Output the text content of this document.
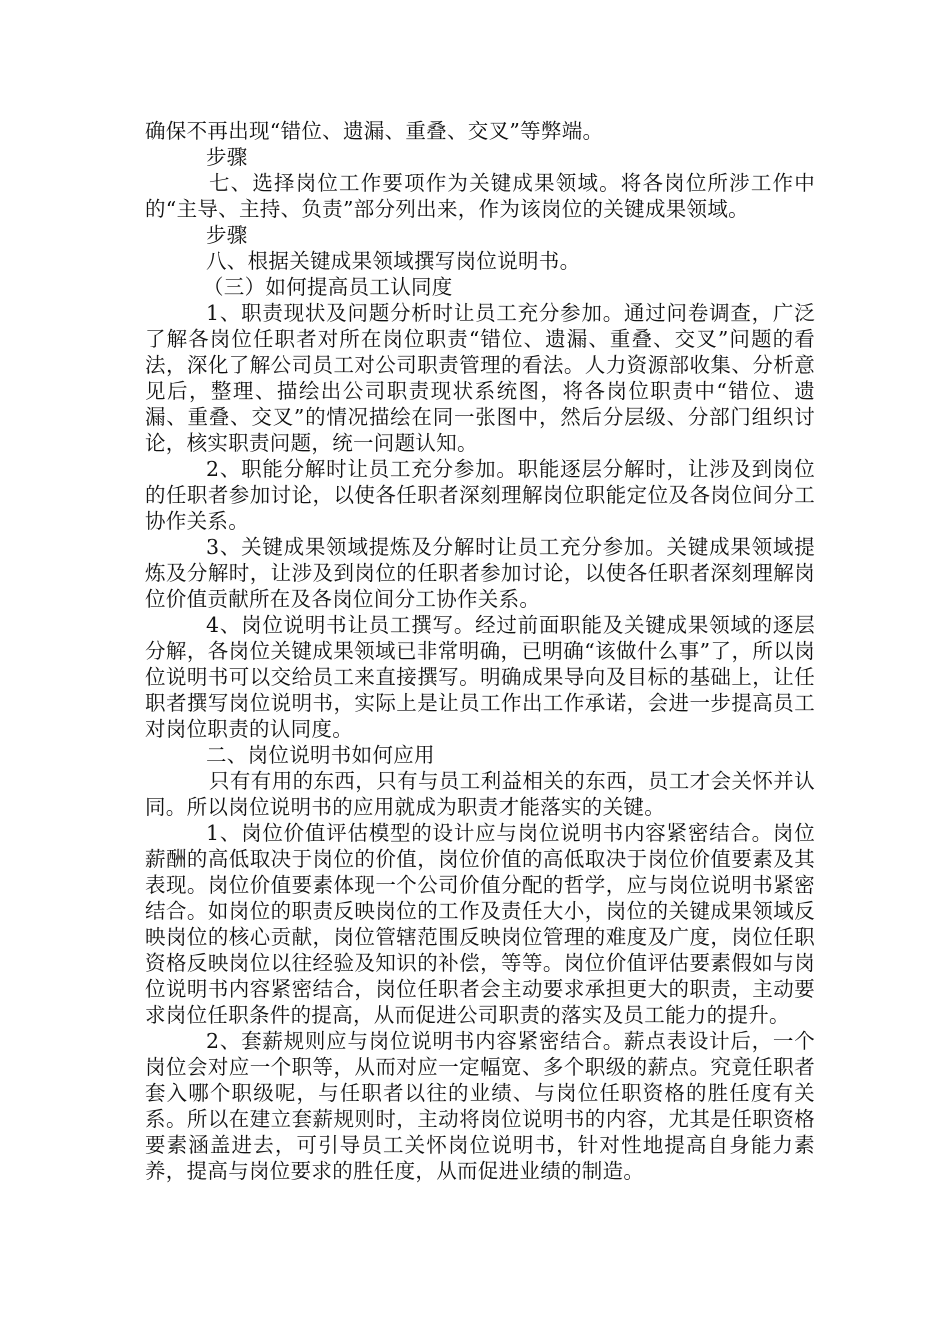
确保不再出现“错位、遗漏、重叠、交叉”等弊端。

步骤

七、选择岗位工作要项作为关键成果领域。将各岗位所涉工作中的“主导、主持、负责”部分列出来，作为该岗位的关键成果领域。

步骤

八、根据关键成果领域撰写岗位说明书。

（三）如何提高员工认同度

1、职责现状及问题分析时让员工充分参加。通过问卷调查，广泛了解各岗位任职者对所在岗位职责“错位、遗漏、重叠、交叉”问题的看法，深化了解公司员工对公司职责管理的看法。人力资源部收集、分析意见后，整理、描绘出公司职责现状系统图，将各岗位职责中“错位、遗漏、重叠、交叉”的情况描绘在同一张图中，然后分层级、分部门组织讨论，核实职责问题，统一问题认知。

2、职能分解时让员工充分参加。职能逐层分解时，让涉及到岗位的任职者参加讨论，以使各任职者深刻理解岗位职能定位及各岗位间分工协作关系。

3、关键成果领域提炼及分解时让员工充分参加。关键成果领域提炼及分解时，让涉及到岗位的任职者参加讨论，以使各任职者深刻理解岗位价值贡献所在及各岗位间分工协作关系。

4、岗位说明书让员工撰写。经过前面职能及关键成果领域的逐层分解，各岗位关键成果领域已非常明确，已明确“该做什么事”了，所以岗位说明书可以交给员工来直接撰写。明确成果导向及目标的基础上，让任职者撰写岗位说明书，实际上是让员工作出工作承诺，会进一步提高员工对岗位职责的认同度。

二、岗位说明书如何应用

只有有用的东西，只有与员工利益相关的东西，员工才会关怀并认同。所以岗位说明书的应用就成为职责才能落实的关键。

1、岗位价值评估模型的设计应与岗位说明书内容紧密结合。岗位薪酬的高低取决于岗位的价值，岗位价值的高低取决于岗位价值要素及其表现。岗位价值要素体现一个公司价值分配的哲学，应与岗位说明书紧密结合。如岗位的职责反映岗位的工作及责任大小，岗位的关键成果领域反映岗位的核心贡献，岗位管辖范围反映岗位管理的难度及广度，岗位任职资格反映岗位以往经验及知识的补偿，等等。岗位价值评估要素假如与岗位说明书内容紧密结合，岗位任职者会主动要求承担更大的职责，主动要求岗位任职条件的提高，从而促进公司职责的落实及员工能力的提升。

2、套薪规则应与岗位说明书内容紧密结合。薪点表设计后，一个岗位会对应一个职等，从而对应一定幅宽、多个职级的薪点。究竟任职者套入哪个职级呢，与任职者以往的业绩、与岗位任职资格的胜任度有关系。所以在建立套薪规则时，主动将岗位说明书的内容，尤其是任职资格要素涵盖进去，可引导员工关怀岗位说明书，针对性地提高自身能力素养，提高与岗位要求的胜任度，从而促进业绩的制造。
